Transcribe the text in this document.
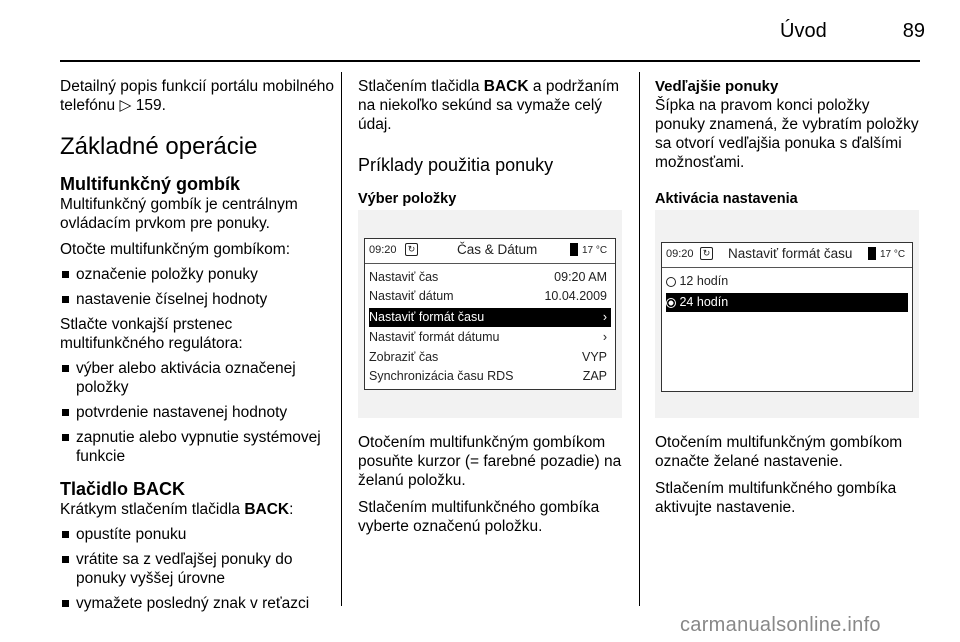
Úvod	89

Detailný popis funkcií portálu mobilného telefónu ▷ 159.

Základné operácie

Multifunkčný gombík

Multifunkčný gombík je centrálnym ovládacím prvkom pre ponuky.

Otočte multifunkčným gombíkom:

označenie položky ponuky

nastavenie číselnej hodnoty

Stlačte vonkajší prstenec multifunkčného regulátora:

výber alebo aktivácia označenej položky

potvrdenie nastavenej hodnoty

zapnutie alebo vypnutie systémovej funkcie

Tlačidlo BACK

Krátkym stlačením tlačidla BACK:

opustíte ponuku

vrátite sa z vedľajšej ponuky do ponuky vyššej úrovne

vymažete posledný znak v reťazci

Stlačením tlačidla BACK a podržaním na niekoľko sekúnd sa vymaže celý údaj.

Príklady použitia ponuky

Výber položky

09:20	↻	Čas & Dátum	17 °C
Nastaviť čas	09:20 AM
Nastaviť dátum	10.04.2009
Nastaviť formát času	›
Nastaviť formát dátumu	›
Zobraziť čas	VYP
Synchronizácia času RDS	ZAP

Otočením multifunkčným gombíkom posuňte kurzor (= farebné pozadie) na želanú položku.

Stlačením multifunkčného gombíka vyberte označenú položku.

Vedľajšie ponuky

Šípka na pravom konci položky ponuky znamená, že vybratím položky sa otvorí vedľajšia ponuka s ďalšími možnosťami.

Aktivácia nastavenia

09:20	↻ Nastaviť formát času	17 °C
12 hodín
24 hodín

Otočením multifunkčným gombíkom označte želané nastavenie.

Stlačením multifunkčného gombíka aktivujte nastavenie.

carmanualsonline.info
